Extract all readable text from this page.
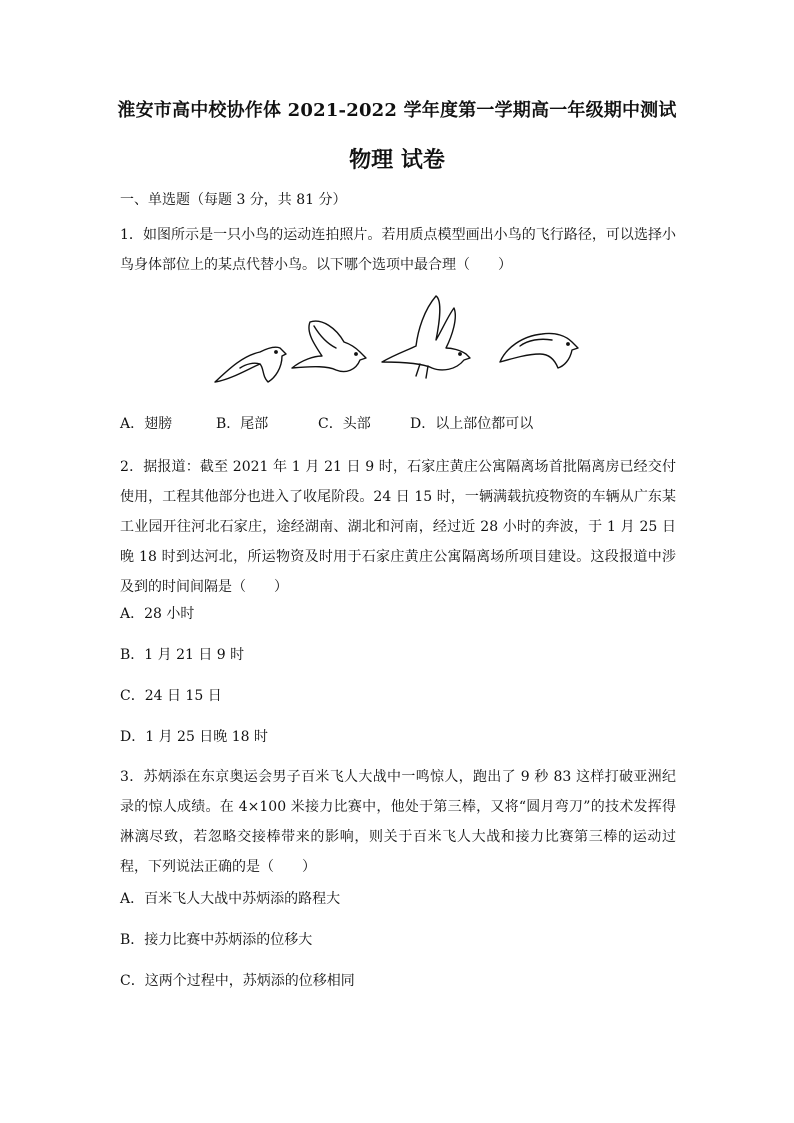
淮安市高中校协作体 2021-2022 学年度第一学期高一年级期中测试
物理 试卷
一、单选题（每题 3 分，共 81 分）

1．如图所示是一只小鸟的运动连拍照片。若用质点模型画出小鸟的飞行路径，可以选择小鸟身体部位上的某点代替小鸟。以下哪个选项中最合理（　　）

A．翅膀	B．尾部	C．头部	D．以上部位都可以

2．据报道：截至 2021 年 1 月 21 日 9 时，石家庄黄庄公寓隔离场首批隔离房已经交付使用，工程其他部分也进入了收尾阶段。24 日 15 时，一辆满载抗疫物资的车辆从广东某工业园开往河北石家庄，途经湖南、湖北和河南，经过近 28 小时的奔波，于 1 月 25 日晚 18 时到达河北，所运物资及时用于石家庄黄庄公寓隔离场所项目建设。这段报道中涉及到的时间间隔是（　　）

A．28 小时
B．1 月 21 日 9 时
C．24 日 15 日
D．1 月 25 日晚 18 时

3．苏炳添在东京奥运会男子百米飞人大战中一鸣惊人，跑出了 9 秒 83 这样打破亚洲纪录的惊人成绩。在 4×100 米接力比赛中，他处于第三棒，又将“圆月弯刀”的技术发挥得淋漓尽致，若忽略交接棒带来的影响，则关于百米飞人大战和接力比赛第三棒的运动过程，下列说法正确的是（　　）

A．百米飞人大战中苏炳添的路程大
B．接力比赛中苏炳添的位移大
C．这两个过程中，苏炳添的位移相同
